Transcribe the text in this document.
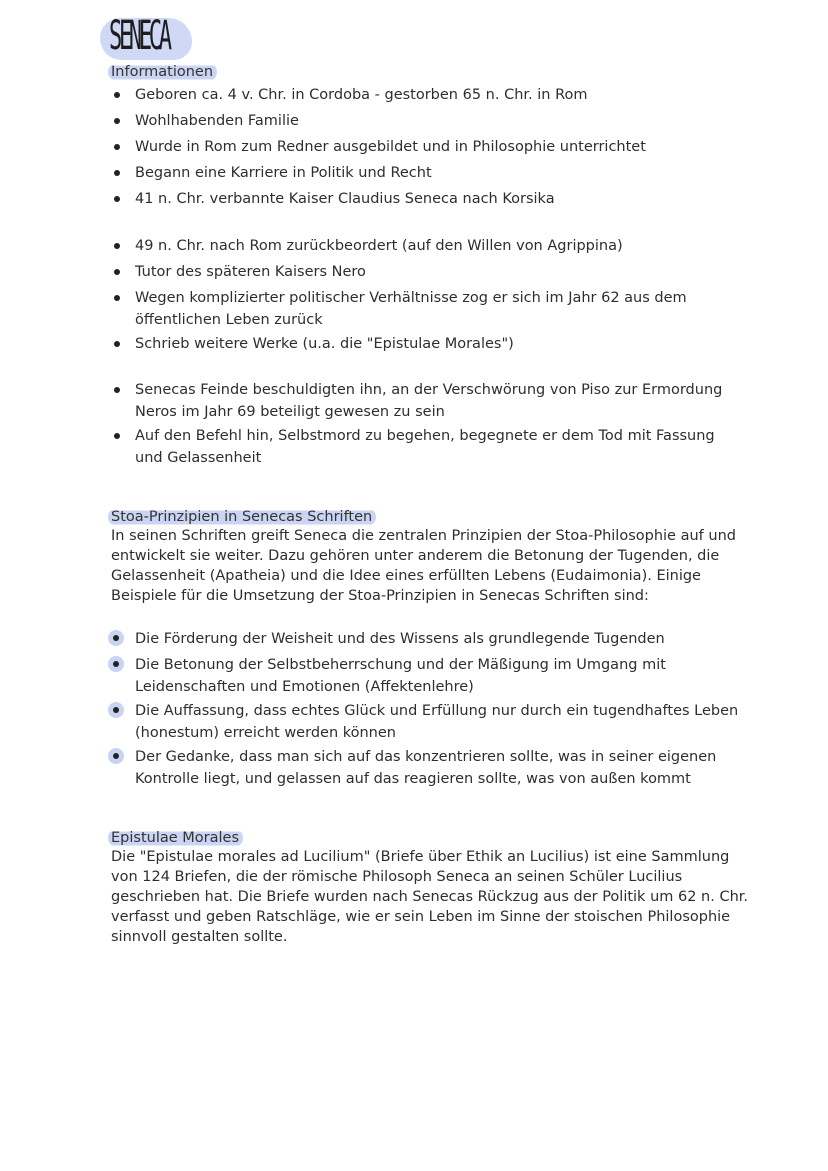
SENECA
Informationen
Geboren ca. 4 v. Chr. in Cordoba - gestorben 65 n. Chr. in Rom
Wohlhabenden Familie
Wurde in Rom zum Redner ausgebildet und in Philosophie unterrichtet
Begann eine Karriere in Politik und Recht
41 n. Chr. verbannte Kaiser Claudius Seneca nach Korsika
49 n. Chr. nach Rom zurückbeordert (auf den Willen von Agrippina)
Tutor des späteren Kaisers Nero
Wegen komplizierter politischer Verhältnisse zog er sich im Jahr 62 aus dem
öffentlichen Leben zurück
Schrieb weitere Werke (u.a. die "Epistulae Morales")
Senecas Feinde beschuldigten ihn, an der Verschwörung von Piso zur Ermordung
Neros im Jahr 69 beteiligt gewesen zu sein
Auf den Befehl hin, Selbstmord zu begehen, begegnete er dem Tod mit Fassung
und Gelassenheit
Stoa-Prinzipien in Senecas Schriften
In seinen Schriften greift Seneca die zentralen Prinzipien der Stoa-Philosophie auf und
entwickelt sie weiter. Dazu gehören unter anderem die Betonung der Tugenden, die
Gelassenheit (Apatheia) und die Idee eines erfüllten Lebens (Eudaimonia). Einige
Beispiele für die Umsetzung der Stoa-Prinzipien in Senecas Schriften sind:
Die Förderung der Weisheit und des Wissens als grundlegende Tugenden
Die Betonung der Selbstbeherrschung und der Mäßigung im Umgang mit
Leidenschaften und Emotionen (Affektenlehre)
Die Auffassung, dass echtes Glück und Erfüllung nur durch ein tugendhaftes Leben
(honestum) erreicht werden können
Der Gedanke, dass man sich auf das konzentrieren sollte, was in seiner eigenen
Kontrolle liegt, und gelassen auf das reagieren sollte, was von außen kommt
Epistulae Morales
Die "Epistulae morales ad Lucilium" (Briefe über Ethik an Lucilius) ist eine Sammlung
von 124 Briefen, die der römische Philosoph Seneca an seinen Schüler Lucilius
geschrieben hat. Die Briefe wurden nach Senecas Rückzug aus der Politik um 62 n. Chr.
verfasst und geben Ratschläge, wie er sein Leben im Sinne der stoischen Philosophie
sinnvoll gestalten sollte.
